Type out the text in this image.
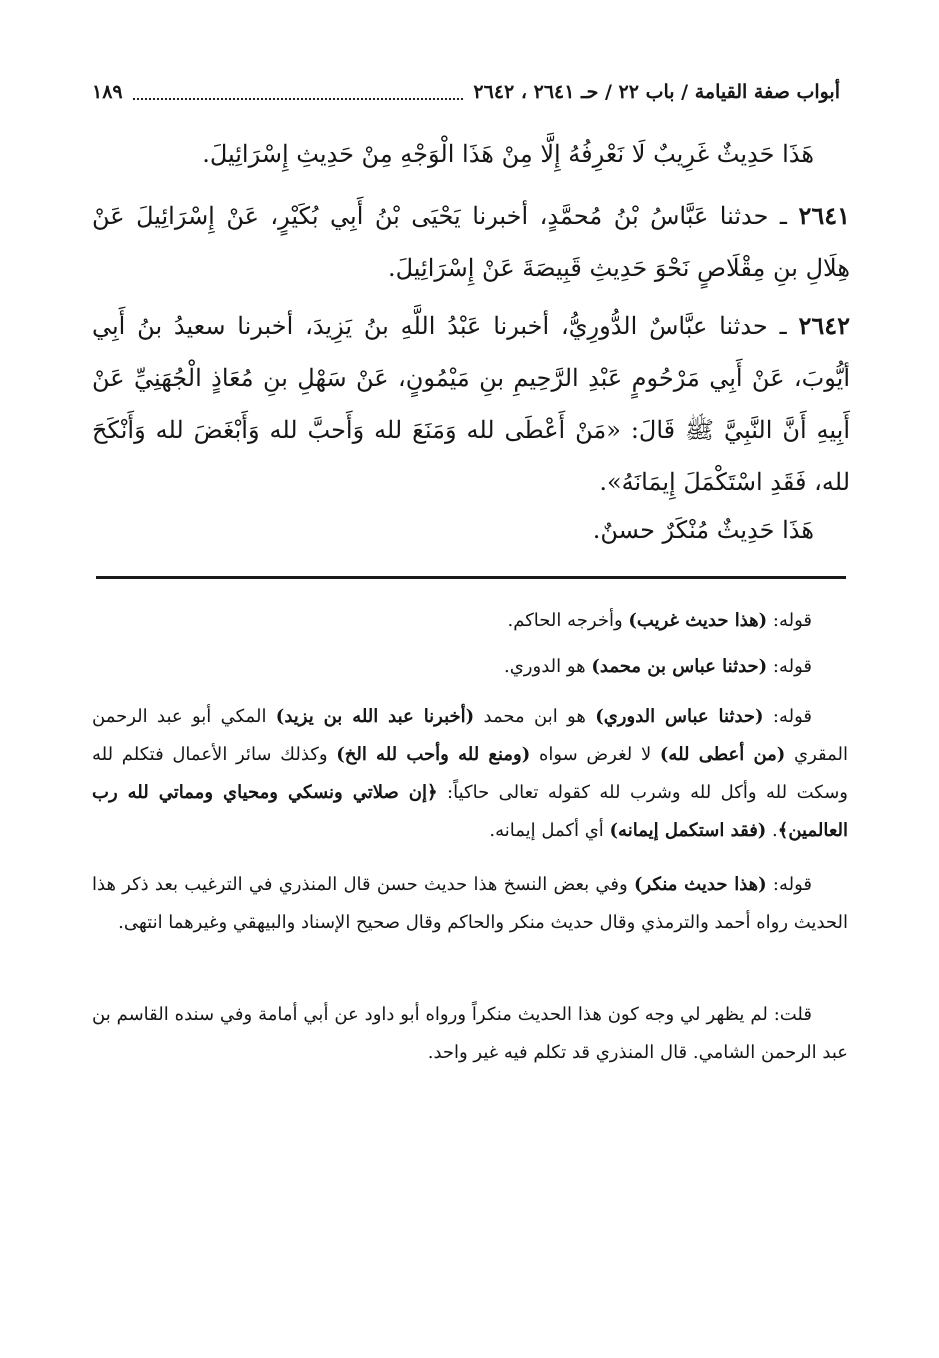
أبواب صفة القيامة / باب ٢٢ / حـ ٢٦٤١ ، ٢٦٤٢
١٨٩

هَذَا حَدِيثٌ غَرِيبٌ لَا نَعْرِفُهُ إِلَّا مِنْ هَذَا الْوَجْهِ مِنْ حَدِيثِ إِسْرَائِيلَ.

٢٦٤١ ـ حدثنا عَبَّاسُ بْنُ مُحمَّدٍ، أخبرنا يَحْيَى بْنُ أَبِي بُكَيْرٍ، عَنْ إِسْرَائِيلَ عَنْ هِلَالِ بنِ مِقْلَاصٍ نَحْوَ حَدِيثِ قَبِيصَةَ عَنْ إِسْرَائِيلَ.

٢٦٤٢ ـ حدثنا عبَّاسٌ الدُّورِيُّ، أخبرنا عَبْدُ اللَّهِ بنُ يَزِيدَ، أخبرنا سعيدُ بنُ أَبِي أيُّوبَ، عَنْ أَبِي مَرْحُومٍ عَبْدِ الرَّحِيمِ بنِ مَيْمُونٍ، عَنْ سَهْلِ بنِ مُعَاذٍ الْجُهَنِيِّ عَنْ أَبِيهِ أَنَّ النَّبِيَّ ﷺ قَالَ: «مَنْ أَعْطَى لله وَمَنَعَ لله وَأَحبَّ لله وَأَبْغَضَ لله وَأَنْكَحَ لله، فَقَدِ اسْتَكْمَلَ إِيمَانَهُ».

هَذَا حَدِيثٌ مُنْكَرٌ حسنٌ.

قوله: (هذا حديث غريب) وأخرجه الحاكم.

قوله: (حدثنا عباس بن محمد) هو الدوري.

قوله: (حدثنا عباس الدوري) هو ابن محمد (أخبرنا عبد الله بن يزيد) المكي أبو عبد الرحمن المقري (من أعطى لله) لا لغرض سواه (ومنع لله وأحب لله الخ) وكذلك سائر الأعمال فتكلم لله وسكت لله وأكل لله وشرب لله كقوله تعالى حاكياً: ﴿إن صلاتي ونسكي ومحياي ومماتي لله رب العالمين﴾. (فقد استكمل إيمانه) أي أكمل إيمانه.

قوله: (هذا حديث منكر) وفي بعض النسخ هذا حديث حسن قال المنذري في الترغيب بعد ذكر هذا الحديث رواه أحمد والترمذي وقال حديث منكر والحاكم وقال صحيح الإسناد والبيهقي وغيرهما انتهى.

قلت: لم يظهر لي وجه كون هذا الحديث منكراً ورواه أبو داود عن أبي أمامة وفي سنده القاسم بن عبد الرحمن الشامي. قال المنذري قد تكلم فيه غير واحد.
